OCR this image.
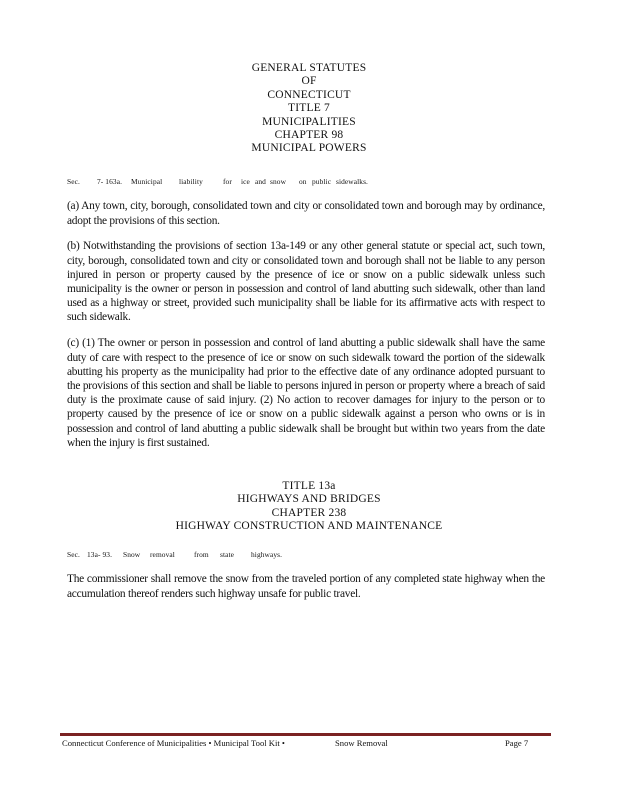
GENERAL STATUTES
OF
CONNECTICUT
TITLE 7
MUNICIPALITIES
CHAPTER 98
MUNICIPAL POWERS
Sec. 7- 163a. Municipal liability	for ice and snow on public sidewalks.

(a) Any town, city, borough, consolidated town and city or consolidated town and borough may by ordinance, adopt the provisions of this section.

(b) Notwithstanding the provisions of section 13a-149 or any other general statute or special act, such town, city, borough, consolidated town and city or consolidated town and borough shall not be liable to any person injured in person or property caused by the presence of ice or snow on a public sidewalk unless such municipality is the owner or person in possession and control of land abutting such sidewalk, other than land used as a highway or street, provided such municipality shall be liable for its affirmative acts with respect to such sidewalk.

(c) (1) The owner or person in possession and control of land abutting a public sidewalk shall have the same duty of care with respect to the presence of ice or snow on such sidewalk toward the portion of the sidewalk abutting his property as the municipality had prior to the effective date of any ordinance adopted pursuant to the provisions of this section and shall be liable to persons injured in person or property where a breach of said duty is the proximate cause of said injury. (2) No action to recover damages for injury to the person or to property caused by the presence of ice or snow on a public sidewalk against a person who owns or is in possession and control of land abutting a public sidewalk shall be brought but within two years from the date when the injury is first sustained.

TITLE 13a
HIGHWAYS AND BRIDGES
CHAPTER 238
HIGHWAY CONSTRUCTION AND MAINTENANCE
Sec. 13a- 93. Snow removal	from state highways.

The commissioner shall remove the snow from the traveled portion of any completed state highway when the accumulation thereof renders such highway unsafe for public travel.

Connecticut Conference of Municipalities • Municipal Tool Kit •	Snow Removal	Page 7
